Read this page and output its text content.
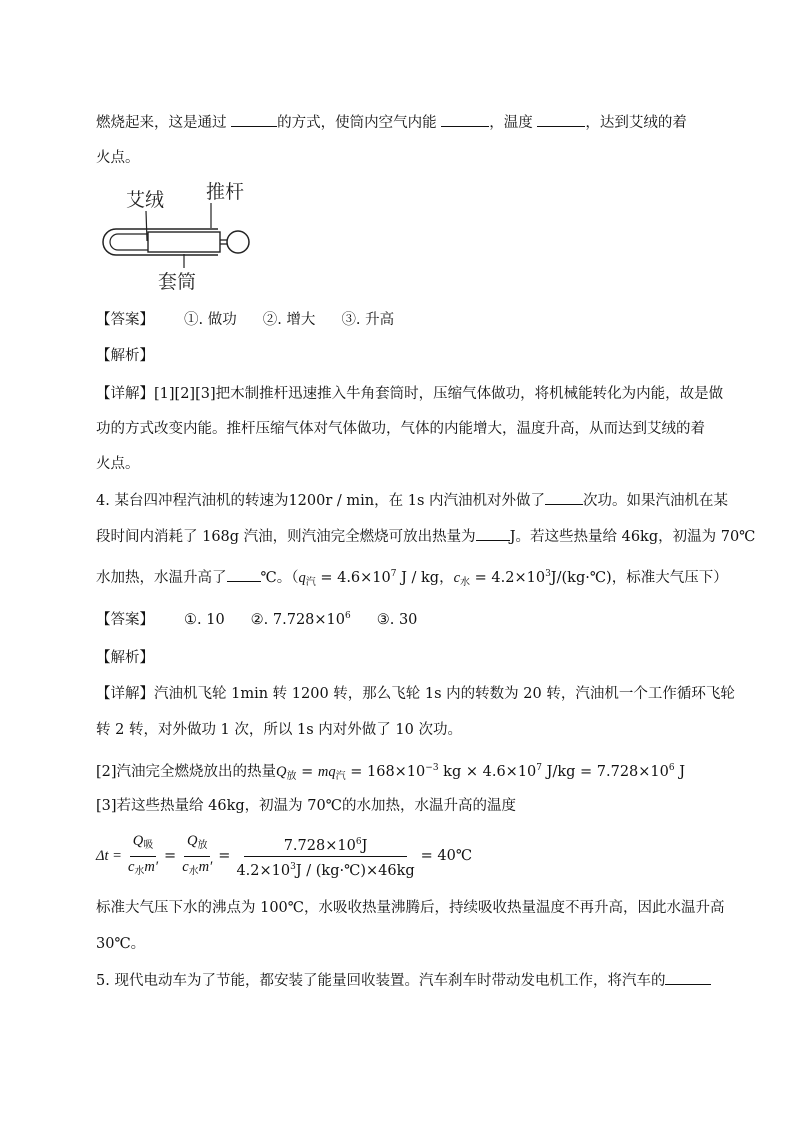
燃烧起来，这是通过	的方式，使筒内空气内能	，温度	，达到艾绒的着
火点。
艾绒 推杆
套筒
【答案】 ①. 做功 ②. 增大 ③. 升高
【解析】
【详解】[1][2][3]把木制推杆迅速推入牛角套筒时，压缩气体做功，将机械能转化为内能，故是做
功的方式改变内能。推杆压缩气体对气体做功，气体的内能增大，温度升高，从而达到艾绒的着
火点。
4. 某台四冲程汽油机的转速为1200r / min，在 1s 内汽油机对外做了	次功。如果汽油机在某
段时间内消耗了 168g 汽油，则汽油完全燃烧可放出热量为 J。若这些热量给 46kg，初温为 70℃
水加热，水温升高了 ℃。（$q_汽 = 4.6\times 10^7$ J / kg，$c_水$ = $4.2\times 10^3J/(kg\cdot℃)$，标准大气压下）
【答案】 ①. 10 ②. $7.728\times 10^6$ ③. 30
【解析】
【详解】汽油机飞轮 1min 转 1200 转，那么飞轮 1s 内的转数为 20 转，汽油机一个工作循环飞轮
转 2 转，对外做功 1 次，所以 1s 内对外做了 10 次功。
[2]汽油完全燃烧放出的热量$Q_放 = mq_汽 = 168\times 10^{-3}$ kg × $4.6\times 10^7$ $J/kg = 7.728\times 10^6$ J
[3]若这些热量给 46kg，初温为 70℃的水加热，水温升高的温度
$\Delta t = \frac{Q_吸}{c_水m'} = \frac{Q_放}{c_水m'} = \frac{7.728\times 10^6J}{4.2\times 10^3J / (kg\cdot℃)\times 46kg}$ = 40℃
标准大气压下水的沸点为 100℃，水吸收热量沸腾后，持续吸收热量温度不再升高，因此水温升高
30℃。
5. 现代电动车为了节能，都安装了能量回收装置。汽车刹车时带动发电机工作，将汽车的
